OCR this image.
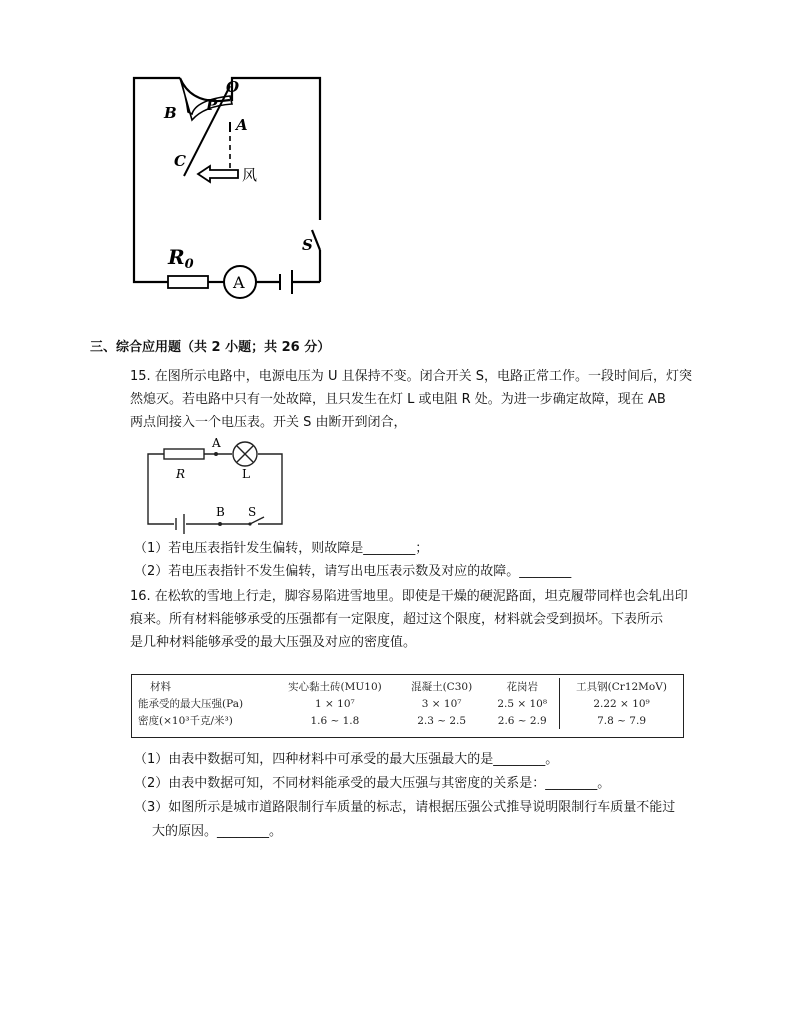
O
B P
A
C
风
S
$R_0$
A
三、综合应用题（共 2 小题；共 26 分）
15. 在图所示电路中，电源电压为 U 且保持不变。闭合开关 S，电路正常工作。一段时间后，灯突
然熄灭。若电路中只有一处故障，且只发生在灯 L 或电阻 R 处。为进一步确定故障，现在 AB
两点间接入一个电压表。开关 S 由断开到闭合，
A
R	L
B S
（1）若电压表指针发生偏转，则故障是________；
（2）若电压表指针不发生偏转，请写出电压表示数及对应的故障。________
16. 在松软的雪地上行走，脚容易陷进雪地里。即使是干燥的硬泥路面，坦克履带同样也会轧出印
痕来。所有材料能够承受的压强都有一定限度，超过这个限度，材料就会受到损坏。下表所示
是几种材料能够承受的最大压强及对应的密度值。
材料	实心黏土砖(MU10)	混凝土(C30)	花岗岩	工具钢(Cr12MoV)
能承受的最大压强(Pa)	1 × 10⁷	3 × 10⁷	2.5 × 10⁸	2.22 × 10⁹
密度(×10³千克/米³)	1.6 ~ 1.8	2.3 ~ 2.5	2.6 ~ 2.9	7.8 ~ 7.9
（1）由表中数据可知，四种材料中可承受的最大压强最大的是________。
（2）由表中数据可知，不同材料能承受的最大压强与其密度的关系是：________。
（3）如图所示是城市道路限制行车质量的标志，请根据压强公式推导说明限制行车质量不能过
大的原因。________。
